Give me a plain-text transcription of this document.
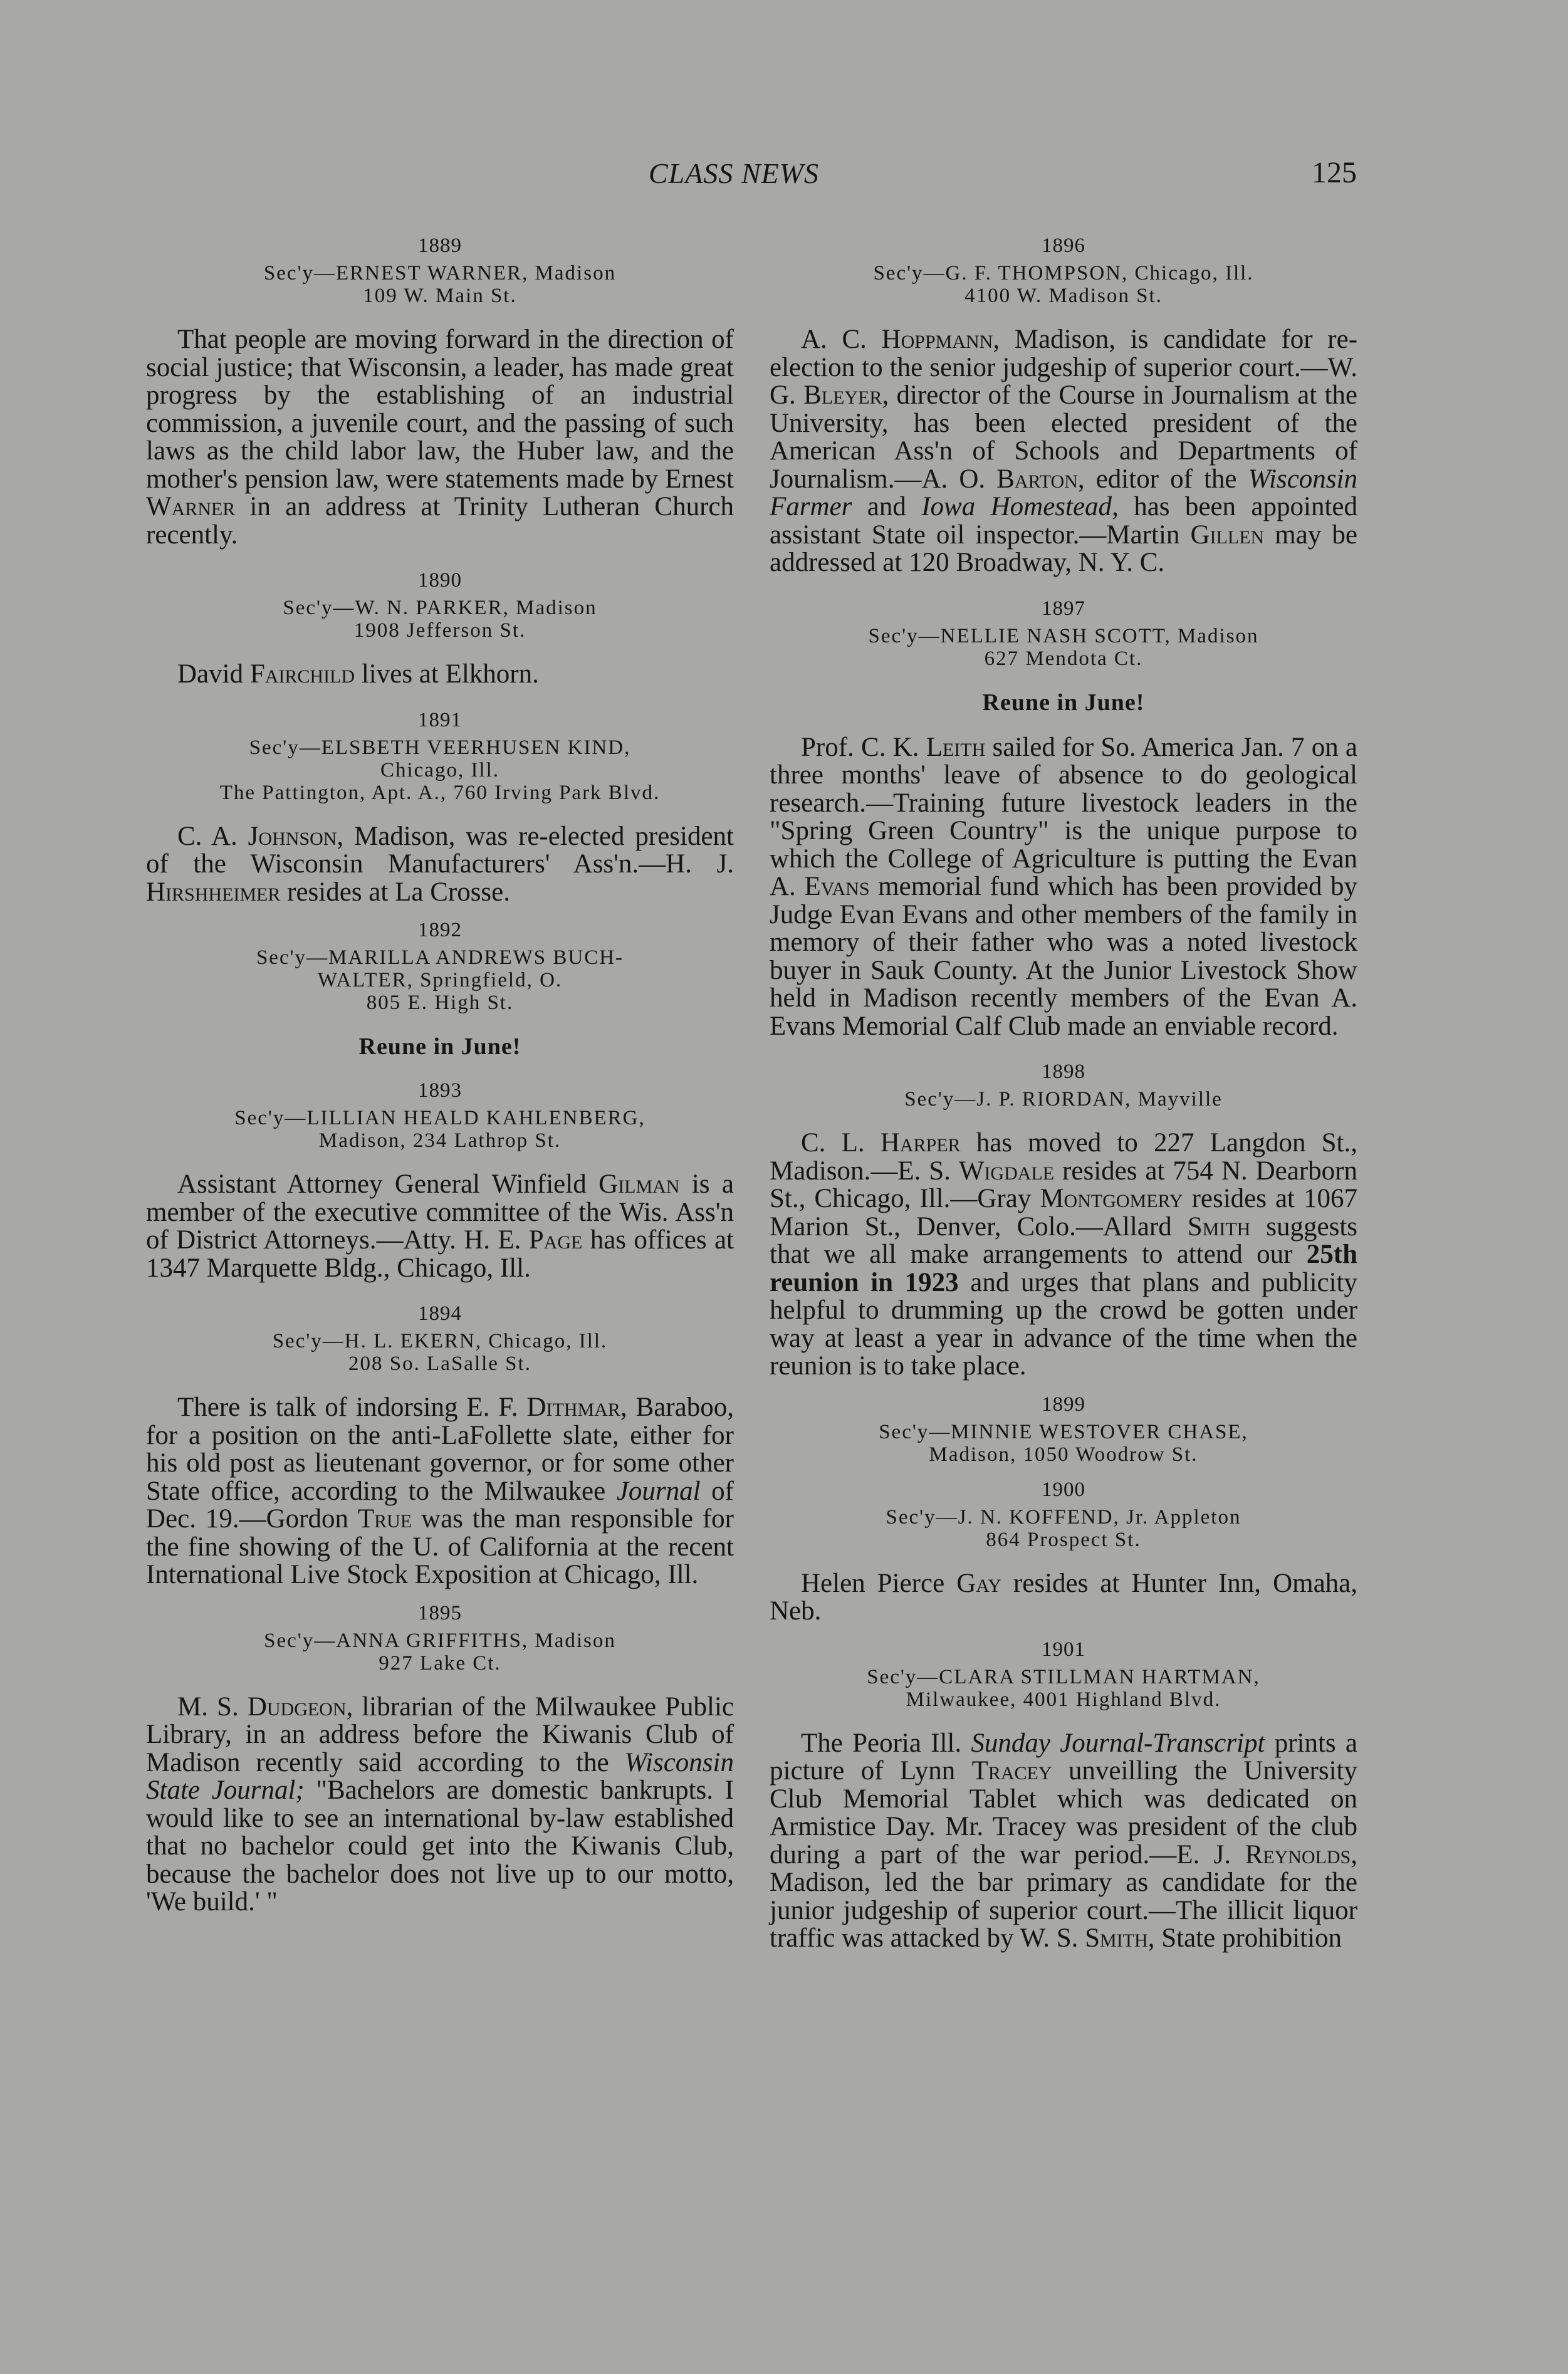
CLASS NEWS	125
1889
Sec'y—ERNEST WARNER, Madison
109 W. Main St.

That people are moving forward in the direction of social justice; that Wisconsin, a leader, has made great progress by the establishing of an industrial commission, a juvenile court, and the passing of such laws as the child labor law, the Huber law, and the mother's pension law, were statements made by Ernest Warner in an address at Trinity Lutheran Church recently.

1890
Sec'y—W. N. PARKER, Madison
1908 Jefferson St.

David Fairchild lives at Elkhorn.

1891
Sec'y—ELSBETH VEERHUSEN KIND,
Chicago, Ill.
The Pattington, Apt. A., 760 Irving Park Blvd.

C. A. Johnson, Madison, was re-elected president of the Wisconsin Manufacturers' Ass'n.—H. J. Hirshheimer resides at La Crosse.

1892
Sec'y—MARILLA ANDREWS BUCH-
WALTER, Springfield, O.
805 E. High St.
Reune in June!
1893
Sec'y—LILLIAN HEALD KAHLENBERG,
Madison, 234 Lathrop St.

Assistant Attorney General Winfield Gilman is a member of the executive committee of the Wis. Ass'n of District Attorneys.—Atty. H. E. Page has offices at 1347 Marquette Bldg., Chicago, Ill.

1894
Sec'y—H. L. EKERN, Chicago, Ill.
208 So. LaSalle St.

There is talk of indorsing E. F. Dithmar, Baraboo, for a position on the anti-LaFollette slate, either for his old post as lieutenant governor, or for some other State office, according to the Milwaukee Journal of Dec. 19.—Gordon True was the man responsible for the fine showing of the U. of California at the recent International Live Stock Exposition at Chicago, Ill.

1895
Sec'y—ANNA GRIFFITHS, Madison
927 Lake Ct.

M. S. Dudgeon, librarian of the Milwaukee Public Library, in an address before the Kiwanis Club of Madison recently said according to the Wisconsin State Journal; "Bachelors are domestic bankrupts. I would like to see an international by-law established that no bachelor could get into the Kiwanis Club, because the bachelor does not live up to our motto, 'We build.' "

1896
Sec'y—G. F. THOMPSON, Chicago, Ill.
4100 W. Madison St.

A. C. Hoppmann, Madison, is candidate for re-election to the senior judgeship of superior court.—W. G. Bleyer, director of the Course in Journalism at the University, has been elected president of the American Ass'n of Schools and Departments of Journalism.—A. O. Barton, editor of the Wisconsin Farmer and Iowa Homestead, has been appointed assistant State oil inspector.—Martin Gillen may be addressed at 120 Broadway, N. Y. C.

1897
Sec'y—NELLIE NASH SCOTT, Madison
627 Mendota Ct.
Reune in June!

Prof. C. K. Leith sailed for So. America Jan. 7 on a three months' leave of absence to do geological research.—Training future livestock leaders in the "Spring Green Country" is the unique purpose to which the College of Agriculture is putting the Evan A. Evans memorial fund which has been provided by Judge Evan Evans and other members of the family in memory of their father who was a noted livestock buyer in Sauk County. At the Junior Livestock Show held in Madison recently members of the Evan A. Evans Memorial Calf Club made an enviable record.

1898
Sec'y—J. P. RIORDAN, Mayville

C. L. Harper has moved to 227 Langdon St., Madison.—E. S. Wigdale resides at 754 N. Dearborn St., Chicago, Ill.—Gray Montgomery resides at 1067 Marion St., Denver, Colo.—Allard Smith suggests that we all make arrangements to attend our 25th reunion in 1923 and urges that plans and publicity helpful to drumming up the crowd be gotten under way at least a year in advance of the time when the reunion is to take place.

1899
Sec'y—MINNIE WESTOVER CHASE,
Madison, 1050 Woodrow St.
1900
Sec'y—J. N. KOFFEND, Jr. Appleton
864 Prospect St.

Helen Pierce Gay resides at Hunter Inn, Omaha, Neb.

1901
Sec'y—CLARA STILLMAN HARTMAN,
Milwaukee, 4001 Highland Blvd.

The Peoria Ill. Sunday Journal-Transcript prints a picture of Lynn Tracey unveilling the University Club Memorial Tablet which was dedicated on Armistice Day. Mr. Tracey was president of the club during a part of the war period.—E. J. Reynolds, Madison, led the bar primary as candidate for the junior judgeship of superior court.—The illicit liquor traffic was attacked by W. S. Smith, State prohibition
